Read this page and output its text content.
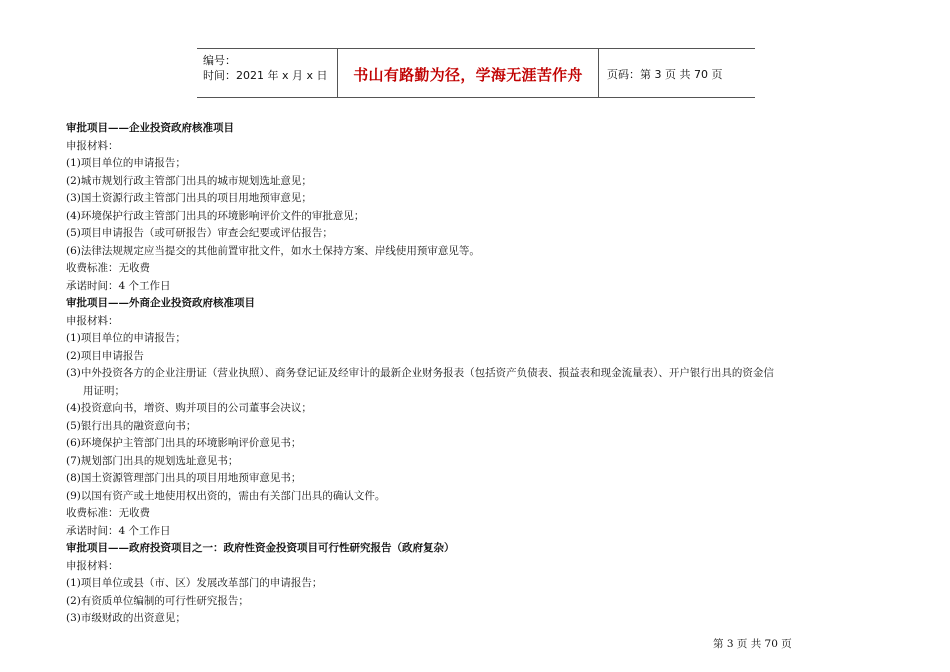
编号：
时间：2021 年 x 月 x 日	书山有路勤为径，学海无涯苦作舟	页码：第 3 页 共 70 页
审批项目——企业投资政府核准项目
申报材料：
(1)项目单位的申请报告；
(2)城市规划行政主管部门出具的城市规划选址意见；
(3)国土资源行政主管部门出具的项目用地预审意见；
(4)环境保护行政主管部门出具的环境影响评价文件的审批意见；
(5)项目申请报告（或可研报告）审查会纪要或评估报告；
(6)法律法规规定应当提交的其他前置审批文件，如水土保持方案、岸线使用预审意见等。
收费标准：无收费
承诺时间：4 个工作日
审批项目——外商企业投资政府核准项目
申报材料：
(1)项目单位的申请报告；
(2)项目申请报告
(3)中外投资各方的企业注册证（营业执照）、商务登记证及经审计的最新企业财务报表（包括资产负债表、损益表和现金流量表）、开户银行出具的资金信
用证明；
(4)投资意向书，增资、购并项目的公司董事会决议；
(5)银行出具的融资意向书；
(6)环境保护主管部门出具的环境影响评价意见书；
(7)规划部门出具的规划选址意见书；
(8)国土资源管理部门出具的项目用地预审意见书；
(9)以国有资产或土地使用权出资的，需由有关部门出具的确认文件。
收费标准：无收费
承诺时间：4 个工作日
审批项目——政府投资项目之一：政府性资金投资项目可行性研究报告（政府复杂）
申报材料：
(1)项目单位或县（市、区）发展改革部门的申请报告；
(2)有资质单位编制的可行性研究报告；
(3)市级财政的出资意见；
第 3 页 共 70 页
